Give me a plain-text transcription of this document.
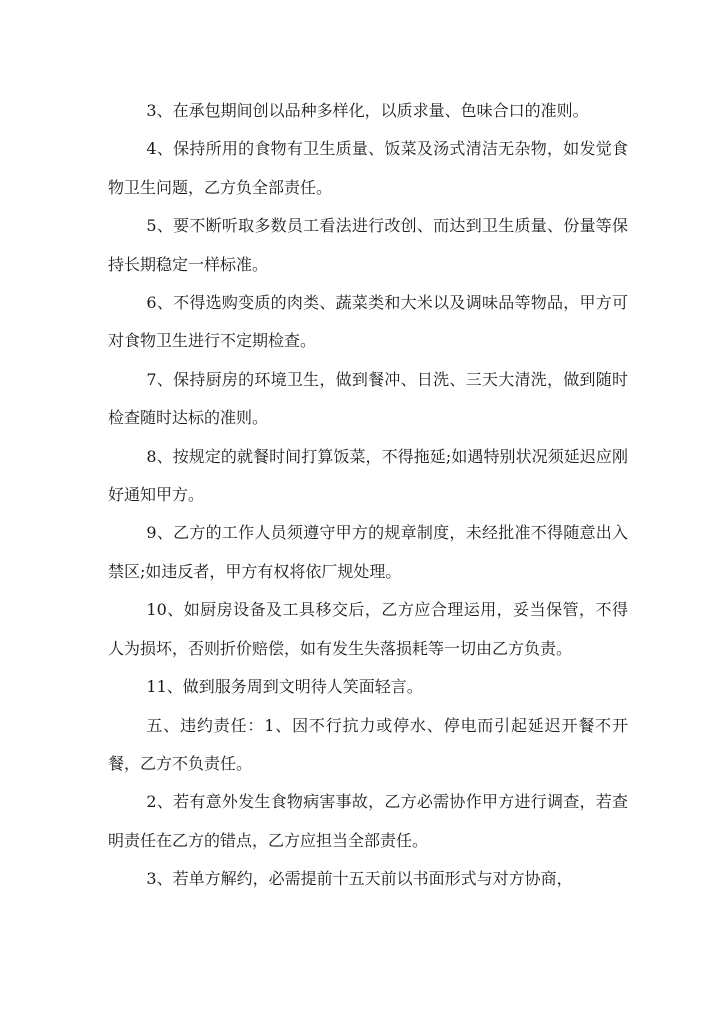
3、在承包期间创以品种多样化，以质求量、色味合口的准则。

4、保持所用的食物有卫生质量、饭菜及汤式清洁无杂物，如发觉食物卫生问题，乙方负全部责任。

5、要不断听取多数员工看法进行改创、而达到卫生质量、份量等保持长期稳定一样标准。

6、不得选购变质的肉类、蔬菜类和大米以及调味品等物品，甲方可对食物卫生进行不定期检查。

7、保持厨房的环境卫生，做到餐冲、日洗、三天大清洗，做到随时检查随时达标的准则。

8、按规定的就餐时间打算饭菜，不得拖延;如遇特别状况须延迟应刚好通知甲方。

9、乙方的工作人员须遵守甲方的规章制度，未经批准不得随意出入禁区;如违反者，甲方有权将依厂规处理。

10、如厨房设备及工具移交后，乙方应合理运用，妥当保管，不得人为损坏，否则折价赔偿，如有发生失落损耗等一切由乙方负责。

11、做到服务周到文明待人笑面轻言。

五、违约责任：1、因不行抗力或停水、停电而引起延迟开餐不开餐，乙方不负责任。

2、若有意外发生食物病害事故，乙方必需协作甲方进行调查，若查明责任在乙方的错点，乙方应担当全部责任。

3、若单方解约，必需提前十五天前以书面形式与对方协商，
